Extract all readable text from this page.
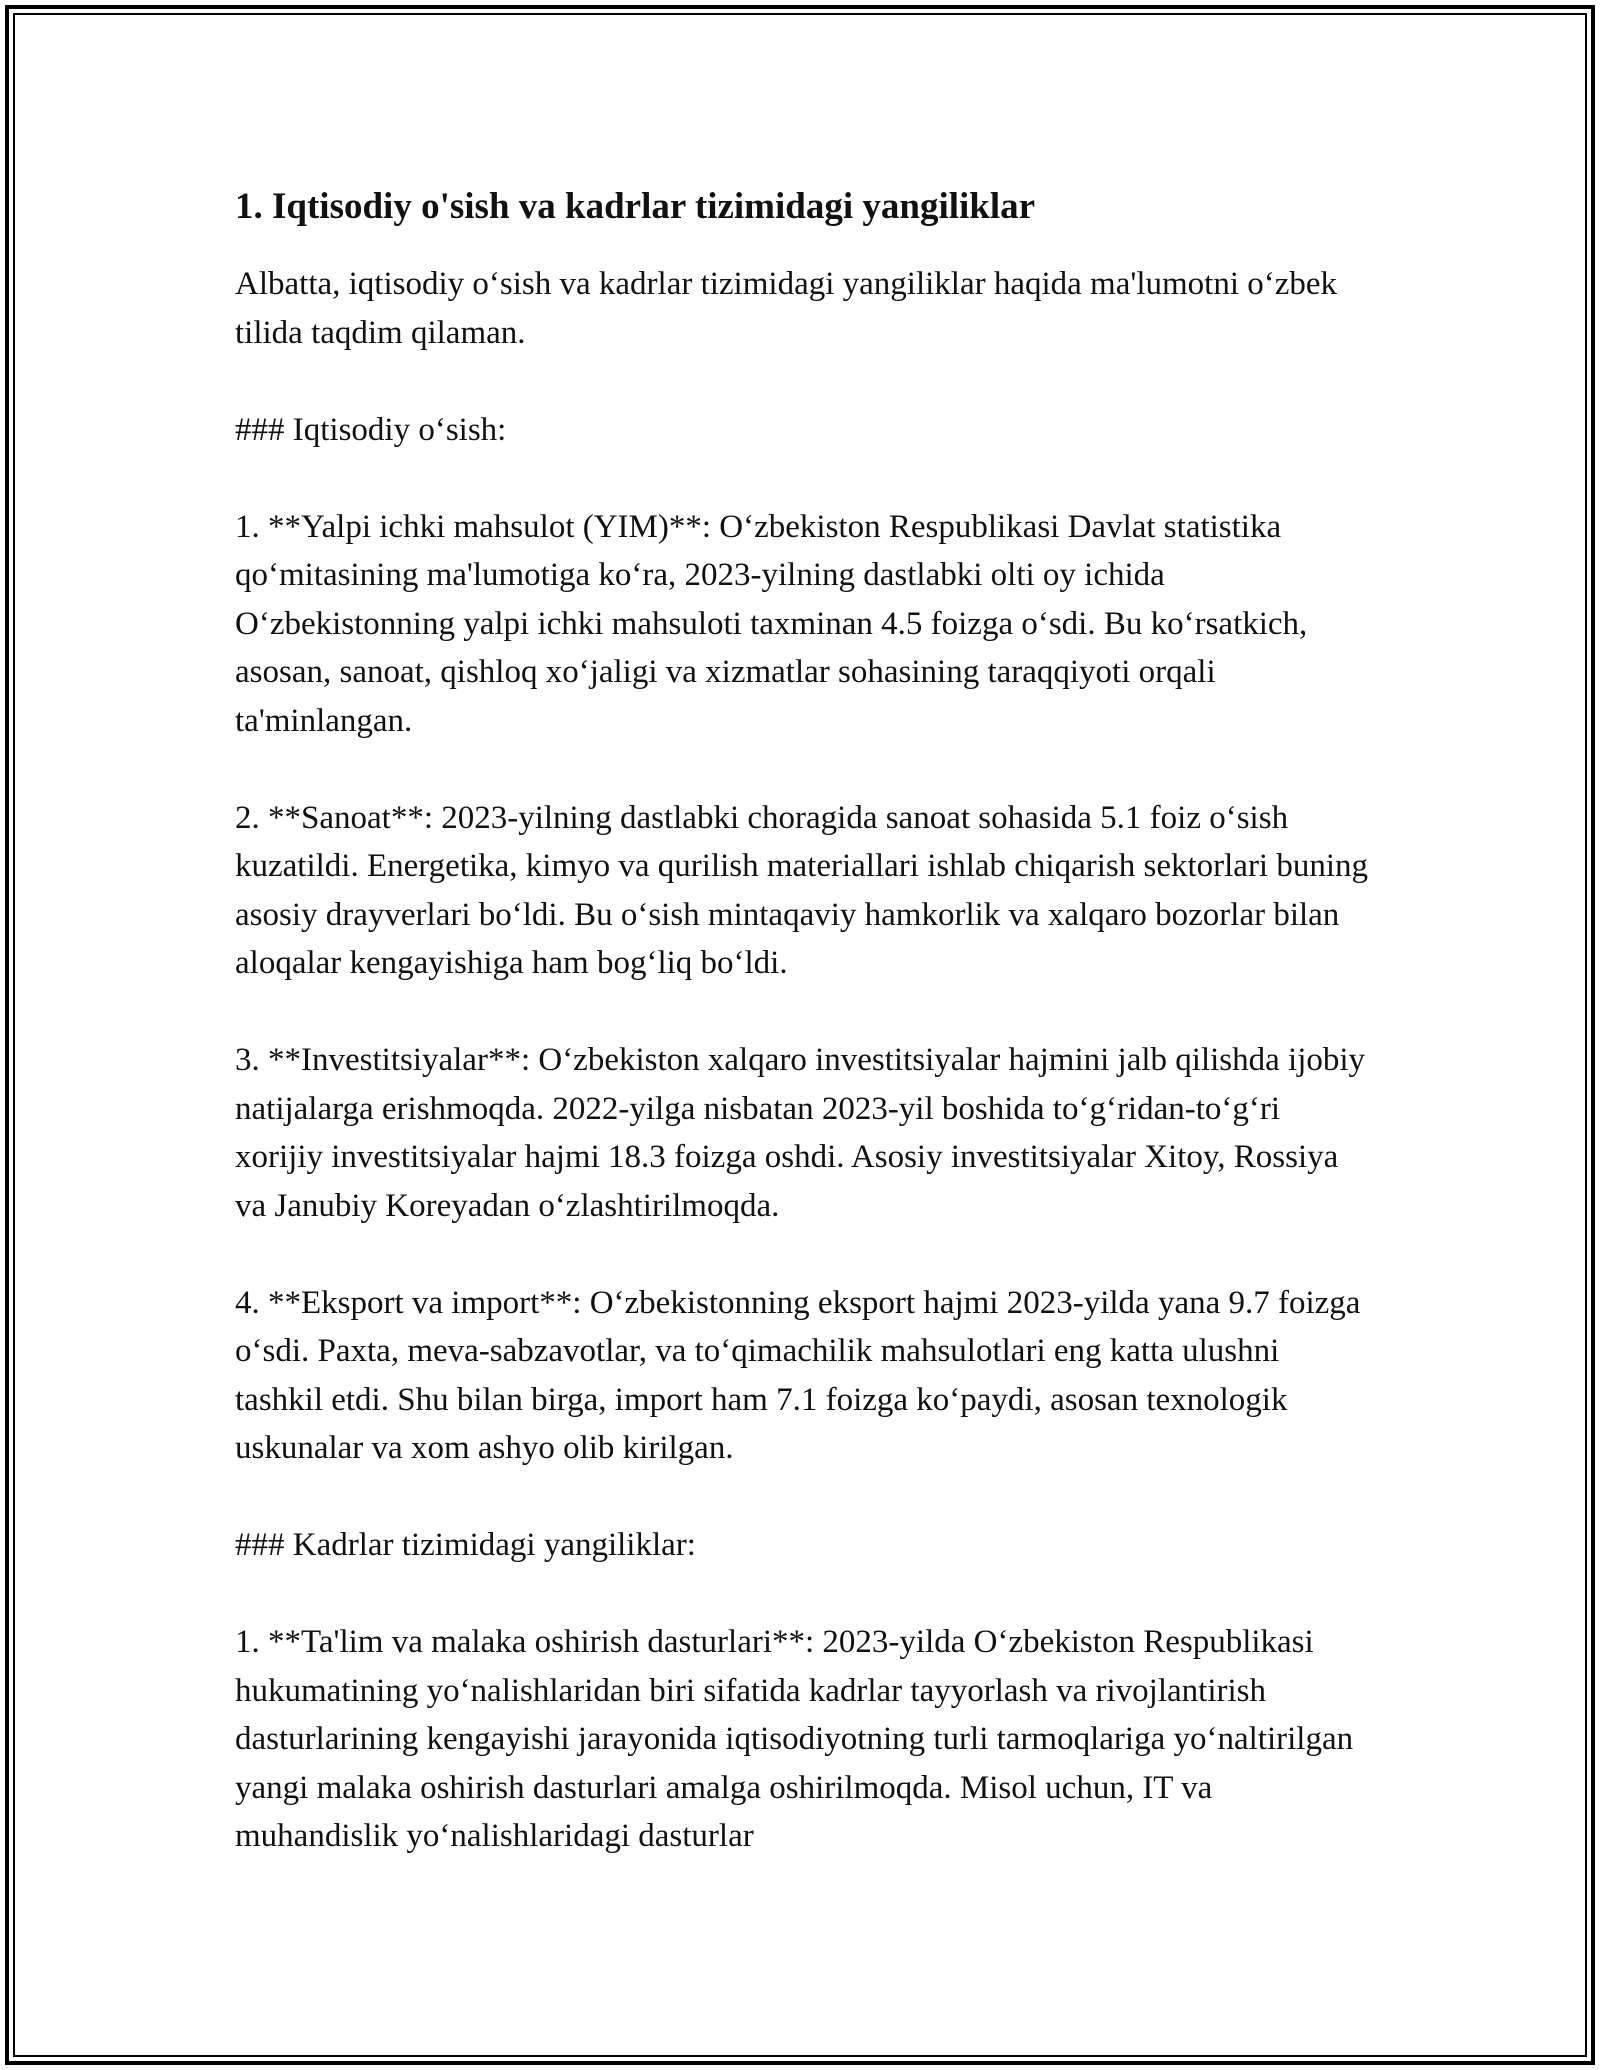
1. Iqtisodiy o'sish va kadrlar tizimidagi yangiliklar

Albatta, iqtisodiy o‘sish va kadrlar tizimidagi yangiliklar haqida ma'lumotni o‘zbek tilida taqdim qilaman.

### Iqtisodiy o‘sish:

1. **Yalpi ichki mahsulot (YIM)**: O‘zbekiston Respublikasi Davlat statistika qo‘mitasining ma'lumotiga ko‘ra, 2023-yilning dastlabki olti oy ichida O‘zbekistonning yalpi ichki mahsuloti taxminan 4.5 foizga o‘sdi. Bu ko‘rsatkich, asosan, sanoat, qishloq xo‘jaligi va xizmatlar sohasining taraqqiyoti orqali ta'minlangan.

2. **Sanoat**: 2023-yilning dastlabki choragida sanoat sohasida 5.1 foiz o‘sish kuzatildi. Energetika, kimyo va qurilish materiallari ishlab chiqarish sektorlari buning asosiy drayverlari bo‘ldi. Bu o‘sish mintaqaviy hamkorlik va xalqaro bozorlar bilan aloqalar kengayishiga ham bog‘liq bo‘ldi.

3. **Investitsiyalar**: O‘zbekiston xalqaro investitsiyalar hajmini jalb qilishda ijobiy natijalarga erishmoqda. 2022-yilga nisbatan 2023-yil boshida to‘g‘ridan-to‘g‘ri xorijiy investitsiyalar hajmi 18.3 foizga oshdi. Asosiy investitsiyalar Xitoy, Rossiya va Janubiy Koreyadan o‘zlashtirilmoqda.

4. **Eksport va import**: O‘zbekistonning eksport hajmi 2023-yilda yana 9.7 foizga o‘sdi. Paxta, meva-sabzavotlar, va to‘qimachilik mahsulotlari eng katta ulushni tashkil etdi. Shu bilan birga, import ham 7.1 foizga ko‘paydi, asosan texnologik uskunalar va xom ashyo olib kirilgan.

### Kadrlar tizimidagi yangiliklar:

1. **Ta'lim va malaka oshirish dasturlari**: 2023-yilda O‘zbekiston Respublikasi hukumatining yo‘nalishlaridan biri sifatida kadrlar tayyorlash va rivojlantirish dasturlarining kengayishi jarayonida iqtisodiyotning turli tarmoqlariga yo‘naltirilgan yangi malaka oshirish dasturlari amalga oshirilmoqda. Misol uchun, IT va muhandislik yo‘nalishlaridagi dasturlar
